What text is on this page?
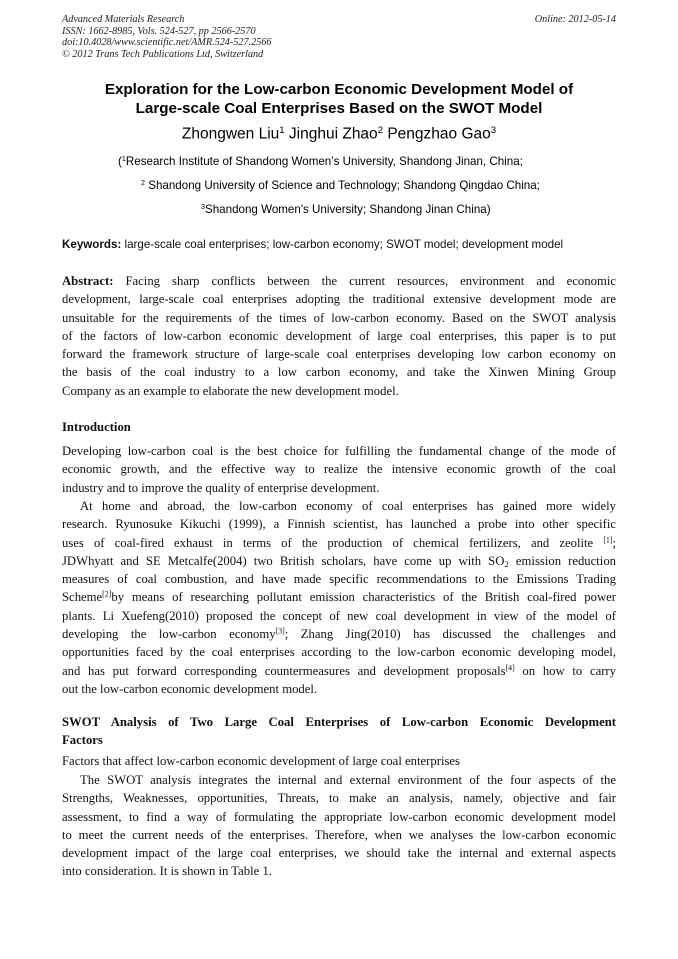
Advanced Materials Research
ISSN: 1662-8985, Vols. 524-527, pp 2566-2570
doi:10.4028/www.scientific.net/AMR.524-527.2566
© 2012 Trans Tech Publications Ltd, Switzerland
Online: 2012-05-14
Exploration for the Low-carbon Economic Development Model of
Large-scale Coal Enterprises Based on the SWOT Model
Zhongwen Liu$^1$ Jinghui Zhao$^2$ Pengzhao Gao$^3$
($^1$Research Institute of Shandong Women’s University, Shandong Jinan, China;
$^2$ Shandong University of Science and Technology; Shandong Qingdao China;
$^3$Shandong Women's University; Shandong Jinan China)
Keywords: large-scale coal enterprises; low-carbon economy; SWOT model; development model
Abstract: Facing sharp conflicts between the current resources, environment and economic
development, large-scale coal enterprises adopting the traditional extensive development mode are
unsuitable for the requirements of the times of low-carbon economy. Based on the SWOT analysis
of the factors of low-carbon economic development of large coal enterprises, this paper is to put
forward the framework structure of large-scale coal enterprises developing low carbon economy on
the basis of the coal industry to a low carbon economy, and take the Xinwen Mining Group
Company as an example to elaborate the new development model.
Introduction
Developing low-carbon coal is the best choice for fulfilling the fundamental change of the mode of
economic growth, and the effective way to realize the intensive economic growth of the coal
industry and to improve the quality of enterprise development.
At home and abroad, the low-carbon economy of coal enterprises has gained more widely
research. Ryunosuke Kikuchi (1999), a Finnish scientist, has launched a probe into other specific
uses of coal-fired exhaust in terms of the production of chemical fertilizers, and zeolite [1];
JDWhyatt and SE Metcalfe(2004) two British scholars, have come up with $SO_2$ emission reduction
measures of coal combustion, and have made specific recommendations to the Emissions Trading
Scheme[2]by means of researching pollutant emission characteristics of the British coal-fired power
plants. Li Xuefeng(2010) proposed the concept of new coal development in view of the model of
developing the low-carbon economy[3]; Zhang Jing(2010) has discussed the challenges and
opportunities faced by the coal enterprises according to the low-carbon economic developing model,
and has put forward corresponding countermeasures and development proposals[4] on how to carry
out the low-carbon economic development model.
SWOT Analysis of Two Large Coal Enterprises of Low-carbon Economic Development
Factors
Factors that affect low-carbon economic development of large coal enterprises
The SWOT analysis integrates the internal and external environment of the four aspects of the
Strengths, Weaknesses, opportunities, Threats, to make an analysis, namely, objective and fair
assessment, to find a way of formulating the appropriate low-carbon economic development model
to meet the current needs of the enterprises. Therefore, when we analyses the low-carbon economic
development impact of the large coal enterprises, we should take the internal and external aspects
into consideration. It is shown in Table 1.
